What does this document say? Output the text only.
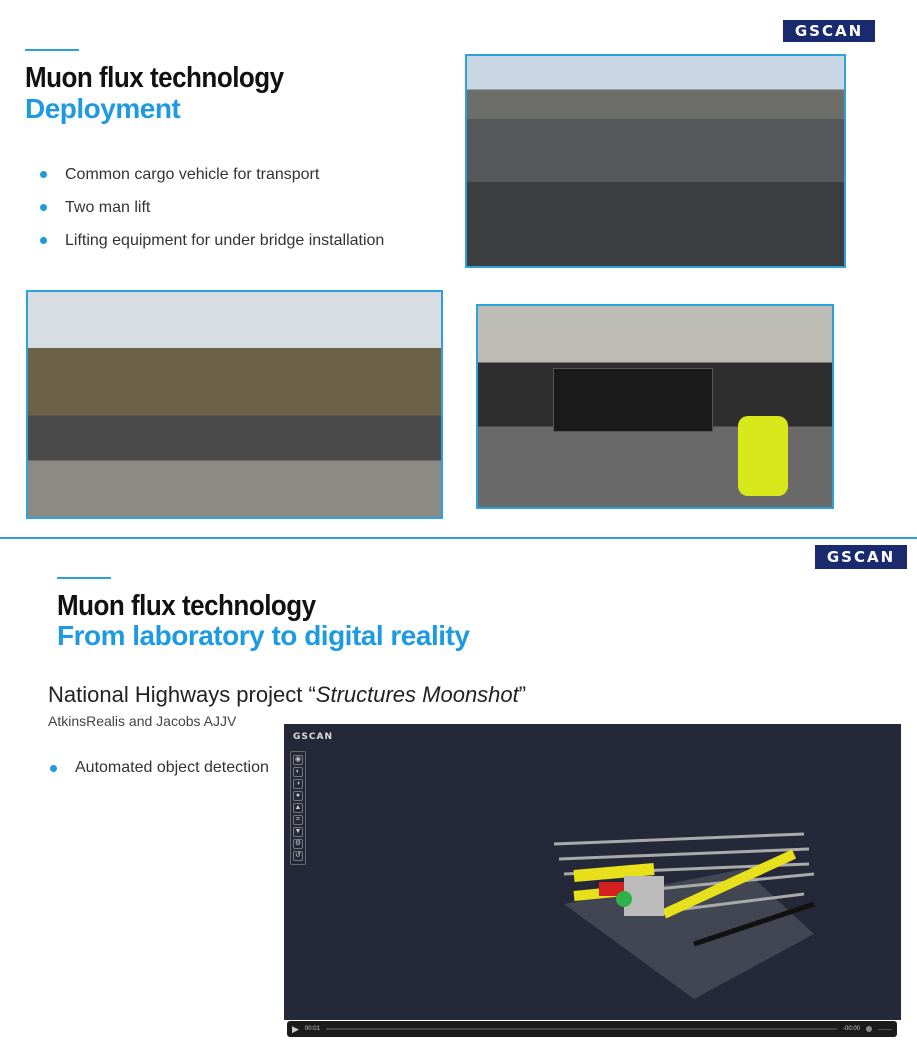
GSCAN
Muon flux technology
Deployment
Common cargo vehicle for transport
Two man lift
Lifting equipment for under bridge installation
GSCAN
Muon flux technology
From laboratory to digital reality
National Highways project “Structures Moonshot”
AtkinsRealis and Jacobs AJJV
Automated object detection
GSCAN
◉
◐
◑
●
▲
⌗
▼
⚙
↺
▶ 00:01	-00:00
